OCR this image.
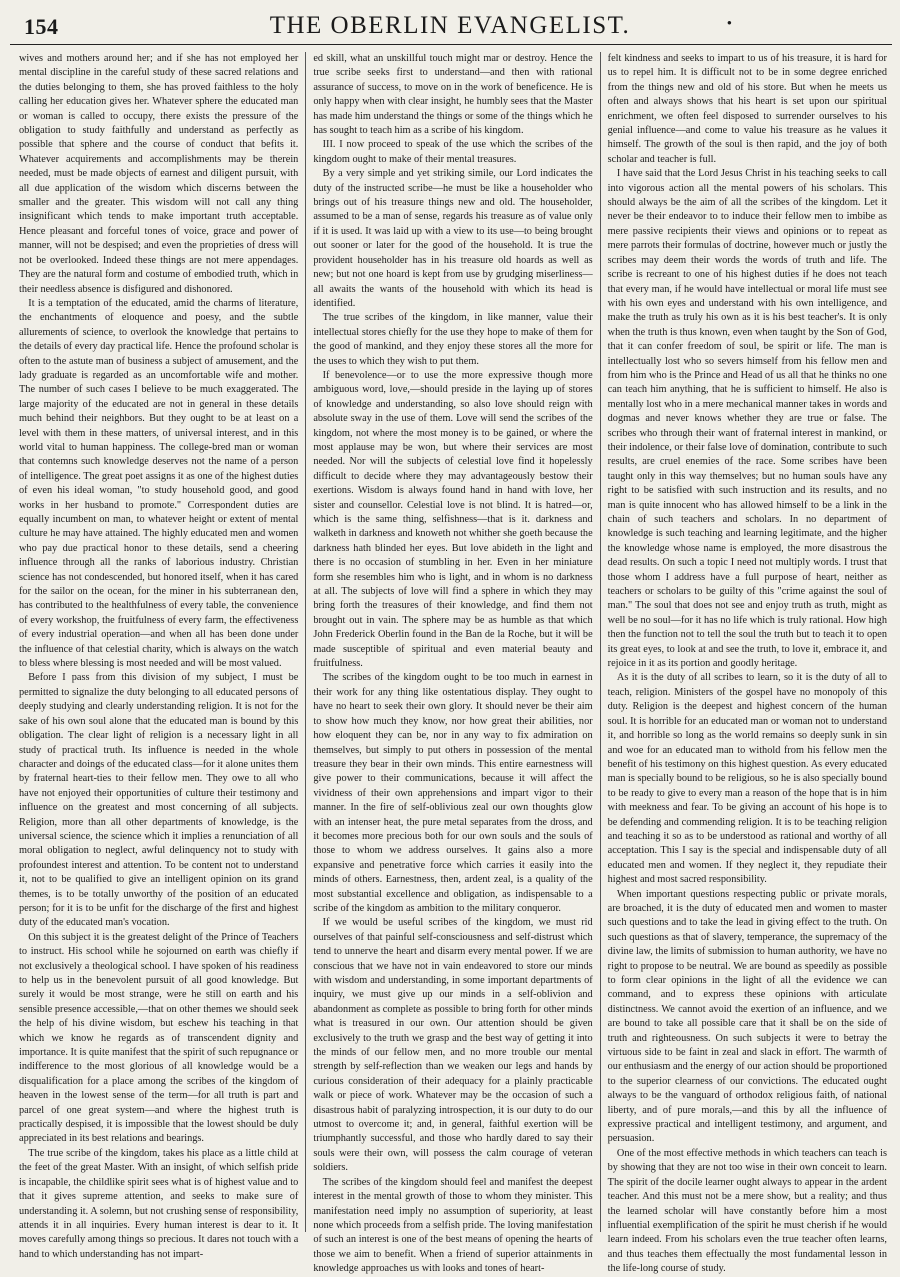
154	THE OBERLIN EVANGELIST.	•

wives and mothers around her; and if she has not employed her mental discipline in the careful study of these sacred relations and the duties belonging to them, she has proved faithless to the holy calling her education gives her. Whatever sphere the educated man or woman is called to occupy, there exists the pressure of the obligation to study faithfully and understand as perfectly as possible that sphere and the course of conduct that befits it. Whatever acquirements and accomplishments may be therein needed, must be made objects of earnest and diligent pursuit, with all due application of the wisdom which discerns between the smaller and the greater. This wisdom will not call any thing insignificant which tends to make important truth acceptable. Hence pleasant and forceful tones of voice, grace and power of manner, will not be despised; and even the proprieties of dress will not be overlooked. Indeed these things are not mere appendages. They are the natural form and costume of embodied truth, which in their needless absence is disfigured and dishonored.

It is a temptation of the educated, amid the charms of literature, the enchantments of eloquence and poesy, and the subtle allurements of science, to overlook the knowledge that pertains to the details of every day practical life. Hence the profound scholar is often to the astute man of business a subject of amusement, and the lady graduate is regarded as an uncomfortable wife and mother. The number of such cases I believe to be much exaggerated. The large majority of the educated are not in general in these details much behind their neighbors. But they ought to be at least on a level with them in these matters, of universal interest, and in this world vital to human happiness. The college-bred man or woman that contemns such knowledge deserves not the name of a person of intelligence. The great poet assigns it as one of the highest duties of even his ideal woman, "to study household good, and good works in her husband to promote." Correspondent duties are equally incumbent on man, to whatever height or extent of mental culture he may have attained. The highly educated men and women who pay due practical honor to these details, send a cheering influence through all the ranks of laborious industry. Christian science has not condescended, but honored itself, when it has cared for the sailor on the ocean, for the miner in his subterranean den, has contributed to the healthfulness of every table, the convenience of every workshop, the fruitfulness of every farm, the effectiveness of every industrial operation—and when all has been done under the influence of that celestial charity, which is always on the watch to bless where blessing is most needed and will be most valued.

Before I pass from this division of my subject, I must be permitted to signalize the duty belonging to all educated persons of deeply studying and clearly understanding religion. It is not for the sake of his own soul alone that the educated man is bound by this obligation. The clear light of religion is a necessary light in all study of practical truth. Its influence is needed in the whole character and doings of the educated class—for it alone unites them by fraternal heart-ties to their fellow men. They owe to all who have not enjoyed their opportunities of culture their testimony and influence on the greatest and most concerning of all subjects. Religion, more than all other departments of knowledge, is the universal science, the science which it implies a renunciation of all moral obligation to neglect, awful delinquency not to study with profoundest interest and attention. To be content not to understand it, not to be qualified to give an intelligent opinion on its grand themes, is to be totally unworthy of the position of an educated person; for it is to be unfit for the discharge of the first and highest duty of the educated man's vocation.

On this subject it is the greatest delight of the Prince of Teachers to instruct. His school while he sojourned on earth was chiefly if not exclusively a theological school. I have spoken of his readiness to help us in the benevolent pursuit of all good knowledge. But surely it would be most strange, were he still on earth and his sensible presence accessible,—that on other themes we should seek the help of his divine wisdom, but eschew his teaching in that which we know he regards as of transcendent dignity and importance. It is quite manifest that the spirit of such repugnance or indifference to the most glorious of all knowledge would be a disqualification for a place among the scribes of the kingdom of heaven in the lowest sense of the term—for all truth is part and parcel of one great system—and where the highest truth is practically despised, it is impossible that the lowest should be duly appreciated in its best relations and bearings.

The true scribe of the kingdom, takes his place as a little child at the feet of the great Master. With an insight, of which selfish pride is incapable, the childlike spirit sees what is of highest value and to that it gives supreme attention, and seeks to make sure of understanding it. A solemn, but not crushing sense of responsibility, attends it in all inquiries. Every human interest is dear to it. It moves carefully among things so precious. It dares not touch with a hand to which understanding has not impart-

ed skill, what an unskillful touch might mar or destroy. Hence the true scribe seeks first to understand—and then with rational assurance of success, to move on in the work of beneficence. He is only happy when with clear insight, he humbly sees that the Master has made him understand the things or some of the things which he has sought to teach him as a scribe of his kingdom.

III. I now proceed to speak of the use which the scribes of the kingdom ought to make of their mental treasures.

By a very simple and yet striking simile, our Lord indicates the duty of the instructed scribe—he must be like a householder who brings out of his treasure things new and old. The householder, assumed to be a man of sense, regards his treasure as of value only if it is used. It was laid up with a view to its use—to being brought out sooner or later for the good of the household. It is true the provident householder has in his treasure old hoards as well as new; but not one hoard is kept from use by grudging miserliness—all awaits the wants of the household with which its head is identified.

The true scribes of the kingdom, in like manner, value their intellectual stores chiefly for the use they hope to make of them for the good of mankind, and they enjoy these stores all the more for the uses to which they wish to put them.

If benevolence—or to use the more expressive though more ambiguous word, love,—should preside in the laying up of stores of knowledge and understanding, so also love should reign with absolute sway in the use of them. Love will send the scribes of the kingdom, not where the most money is to be gained, or where the most applause may be won, but where their services are most needed. Nor will the subjects of celestial love find it hopelessly difficult to decide where they may advantageously bestow their exertions. Wisdom is always found hand in hand with love, her sister and counsellor. Celestial love is not blind. It is hatred—or, which is the same thing, selfishness—that is it. darkness and walketh in darkness and knoweth not whither she goeth because the darkness hath blinded her eyes. But love abideth in the light and there is no occasion of stumbling in her. Even in her miniature form she resembles him who is light, and in whom is no darkness at all. The subjects of love will find a sphere in which they may bring forth the treasures of their knowledge, and find them not brought out in vain. The sphere may be as humble as that which John Frederick Oberlin found in the Ban de la Roche, but it will be made susceptible of spiritual and even material beauty and fruitfulness.

The scribes of the kingdom ought to be too much in earnest in their work for any thing like ostentatious display. They ought to have no heart to seek their own glory. It should never be their aim to show how much they know, nor how great their abilities, nor how eloquent they can be, nor in any way to fix admiration on themselves, but simply to put others in possession of the mental treasure they bear in their own minds. This entire earnestness will give power to their communications, because it will affect the vividness of their own apprehensions and impart vigor to their manner. In the fire of self-oblivious zeal our own thoughts glow with an intenser heat, the pure metal separates from the dross, and it becomes more precious both for our own souls and the souls of those to whom we address ourselves. It gains also a more expansive and penetrative force which carries it easily into the minds of others. Earnestness, then, ardent zeal, is a quality of the most substantial excellence and obligation, as indispensable to a scribe of the kingdom as ambition to the military conqueror.

If we would be useful scribes of the kingdom, we must rid ourselves of that painful self-consciousness and self-distrust which tend to unnerve the heart and disarm every mental power. If we are conscious that we have not in vain endeavored to store our minds with wisdom and understanding, in some important departments of inquiry, we must give up our minds in a self-oblivion and abandonment as complete as possible to bring forth for other minds what is treasured in our own. Our attention should be given exclusively to the truth we grasp and the best way of getting it into the minds of our fellow men, and no more trouble our mental strength by self-reflection than we weaken our legs and hands by curious consideration of their adequacy for a plainly practicable walk or piece of work. Whatever may be the occasion of such a disastrous habit of paralyzing introspection, it is our duty to do our utmost to overcome it; and, in general, faithful exertion will be triumphantly successful, and those who hardly dared to say their souls were their own, will possess the calm courage of veteran soldiers.

The scribes of the kingdom should feel and manifest the deepest interest in the mental growth of those to whom they minister. This manifestation need imply no assumption of superiority, at least none which proceeds from a selfish pride. The loving manifestation of such an interest is one of the best means of opening the hearts of those we aim to benefit. When a friend of superior attainments in knowledge approaches us with looks and tones of heart-

felt kindness and seeks to impart to us of his treasure, it is hard for us to repel him. It is difficult not to be in some degree enriched from the things new and old of his store. But when he meets us often and always shows that his heart is set upon our spiritual enrichment, we often feel disposed to surrender ourselves to his genial influence—and come to value his treasure as he values it himself. The growth of the soul is then rapid, and the joy of both scholar and teacher is full.

I have said that the Lord Jesus Christ in his teaching seeks to call into vigorous action all the mental powers of his scholars. This should always be the aim of all the scribes of the kingdom. Let it never be their endeavor to to induce their fellow men to imbibe as mere passive recipients their views and opinions or to repeat as mere parrots their formulas of doctrine, however much or justly the scribes may deem their words the words of truth and life. The scribe is recreant to one of his highest duties if he does not teach that every man, if he would have intellectual or moral life must see with his own eyes and understand with his own intelligence, and make the truth as truly his own as it is his best teacher's. It is only when the truth is thus known, even when taught by the Son of God, that it can confer freedom of soul, be spirit or life. The man is intellectually lost who so severs himself from his fellow men and from him who is the Prince and Head of us all that he thinks no one can teach him anything, that he is sufficient to himself. He also is mentally lost who in a mere mechanical manner takes in words and dogmas and never knows whether they are true or false. The scribes who through their want of fraternal interest in mankind, or their indolence, or their false love of domination, contribute to such results, are cruel enemies of the race. Some scribes have been taught only in this way themselves; but no human souls have any right to be satisfied with such instruction and its results, and no man is quite innocent who has allowed himself to be a link in the chain of such teachers and scholars. In no department of knowledge is such teaching and learning legitimate, and the higher the knowledge whose name is employed, the more disastrous the dead results. On such a topic I need not multiply words. I trust that those whom I address have a full purpose of heart, neither as teachers or scholars to be guilty of this "crime against the soul of man." The soul that does not see and enjoy truth as truth, might as well be no soul—for it has no life which is truly rational. How high then the function not to tell the soul the truth but to teach it to open its great eyes, to look at and see the truth, to love it, embrace it, and rejoice in it as its portion and goodly heritage.

As it is the duty of all scribes to learn, so it is the duty of all to teach, religion. Ministers of the gospel have no monopoly of this duty. Religion is the deepest and highest concern of the human soul. It is horrible for an educated man or woman not to understand it, and horrible so long as the world remains so deeply sunk in sin and woe for an educated man to withold from his fellow men the benefit of his testimony on this highest question. As every educated man is specially bound to be religious, so he is also specially bound to be ready to give to every man a reason of the hope that is in him with meekness and fear. To be giving an account of his hope is to be defending and commending religion. It is to be teaching religion and teaching it so as to be understood as rational and worthy of all acceptation. This I say is the special and indispensable duty of all educated men and women. If they neglect it, they repudiate their highest and most sacred responsibility.

When important questions respecting public or private morals, are broached, it is the duty of educated men and women to master such questions and to take the lead in giving effect to the truth. On such questions as that of slavery, temperance, the supremacy of the divine law, the limits of submission to human authority, we have no right to propose to be neutral. We are bound as speedily as possible to form clear opinions in the light of all the evidence we can command, and to express these opinions with articulate distinctness. We cannot avoid the exertion of an influence, and we are bound to take all possible care that it shall be on the side of truth and righteousness. On such subjects it were to betray the virtuous side to be faint in zeal and slack in effort. The warmth of our enthusiasm and the energy of our action should be proportioned to the superior clearness of our convictions. The educated ought always to be the vanguard of orthodox religious faith, of national liberty, and of pure morals,—and this by all the influence of expressive practical and intelligent testimony, and argument, and persuasion.

One of the most effective methods in which teachers can teach is by showing that they are not too wise in their own conceit to learn. The spirit of the docile learner ought always to appear in the ardent teacher. And this must not be a mere show, but a reality; and thus the learned scholar will have constantly before him a most influential exemplification of the spirit he must cherish if he would learn indeed. From his scholars even the true teacher often learns, and thus teaches them effectually the most fundamental lesson in the life-long course of study.
